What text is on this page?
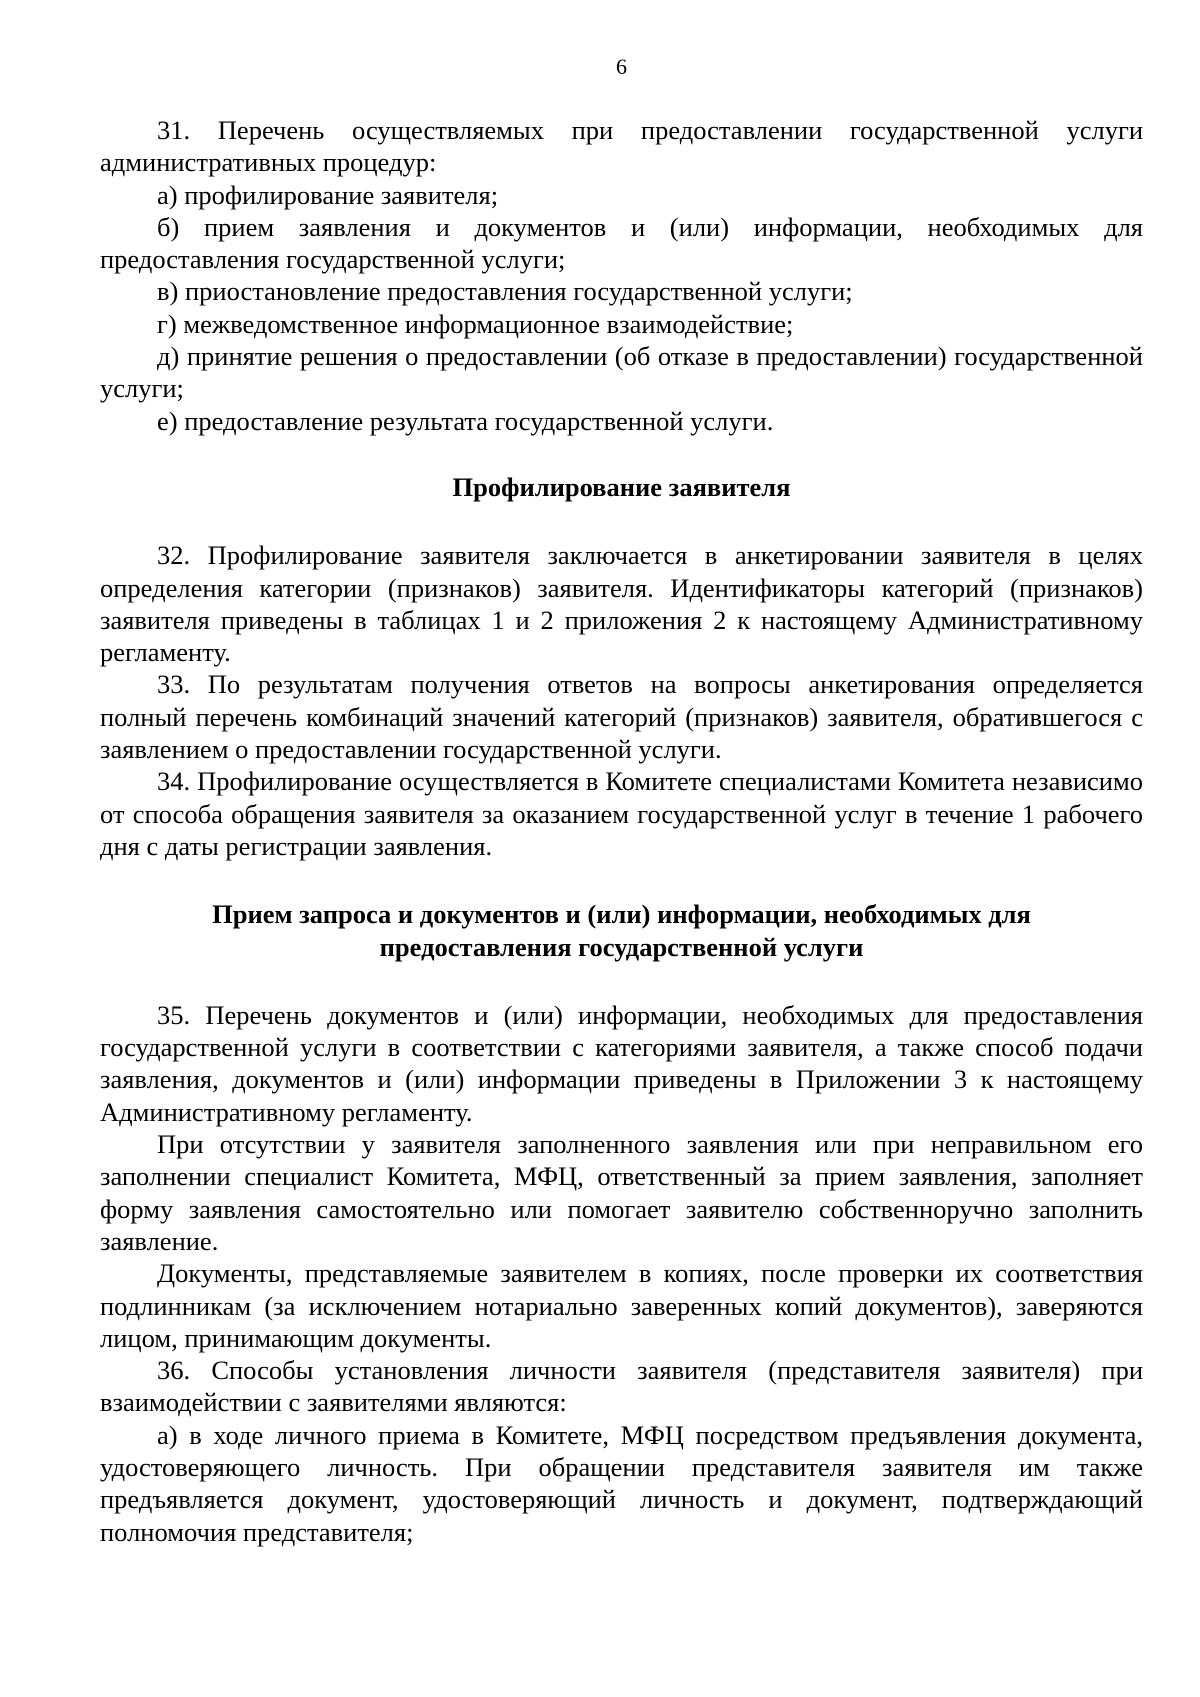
6

31. Перечень осуществляемых при предоставлении государственной услуги административных процедур:

а) профилирование заявителя;

б) прием заявления и документов и (или) информации, необходимых для предоставления государственной услуги;

в) приостановление предоставления государственной услуги;

г) межведомственное информационное взаимодействие;

д) принятие решения о предоставлении (об отказе в предоставлении) государственной услуги;

е) предоставление результата государственной услуги.

Профилирование заявителя

32. Профилирование заявителя заключается в анкетировании заявителя в целях определения категории (признаков) заявителя. Идентификаторы категорий (признаков) заявителя приведены в таблицах 1 и 2 приложения 2 к настоящему Административному регламенту.

33. По результатам получения ответов на вопросы анкетирования определяется полный перечень комбинаций значений категорий (признаков) заявителя, обратившегося с заявлением о предоставлении государственной услуги.

34. Профилирование осуществляется в Комитете специалистами Комитета независимо от способа обращения заявителя за оказанием государственной услуг в течение 1 рабочего дня с даты регистрации заявления.

Прием запроса и документов и (или) информации, необходимых для
предоставления государственной услуги

35. Перечень документов и (или) информации, необходимых для предоставления государственной услуги в соответствии с категориями заявителя, а также способ подачи заявления, документов и (или) информации приведены в Приложении 3 к настоящему Административному регламенту.

При отсутствии у заявителя заполненного заявления или при неправильном его заполнении специалист Комитета, МФЦ, ответственный за прием заявления, заполняет форму заявления самостоятельно или помогает заявителю собственноручно заполнить заявление.

Документы, представляемые заявителем в копиях, после проверки их соответствия подлинникам (за исключением нотариально заверенных копий документов), заверяются лицом, принимающим документы.

36. Способы установления личности заявителя (представителя заявителя) при взаимодействии с заявителями являются:

а) в ходе личного приема в Комитете, МФЦ посредством предъявления документа, удостоверяющего личность. При обращении представителя заявителя им также предъявляется документ, удостоверяющий личность и документ, подтверждающий полномочия представителя;
